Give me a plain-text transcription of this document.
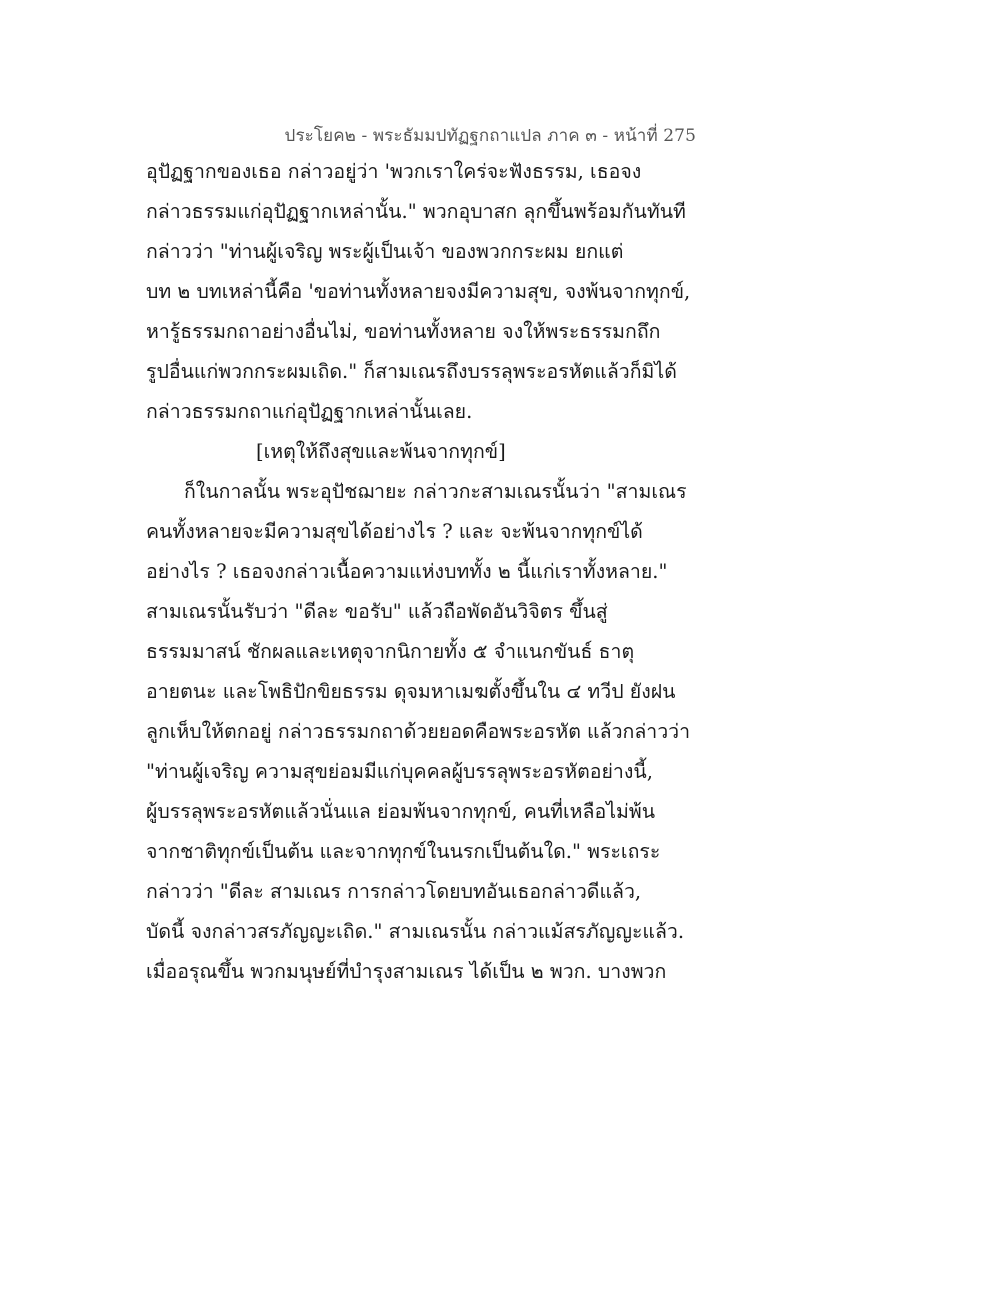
ประโยค๒ - พระธัมมปทัฏฐกถาแปล ภาค ๓ - หน้าที่ 275
อุปัฏฐากของเธอ กล่าวอยู่ว่า 'พวกเราใคร่จะฟังธรรม, เธอจง
กล่าวธรรมแก่อุปัฏฐากเหล่านั้น." พวกอุบาสก ลุกขึ้นพร้อมกันทันที
กล่าวว่า "ท่านผู้เจริญ พระผู้เป็นเจ้า ของพวกกระผม ยกแต่
บท ๒ บทเหล่านี้คือ 'ขอท่านทั้งหลายจงมีความสุข, จงพ้นจากทุกข์,
หารู้ธรรมกถาอย่างอื่นไม่, ขอท่านทั้งหลาย จงให้พระธรรมกถึก
รูปอื่นแก่พวกกระผมเถิด." ก็สามเณรถึงบรรลุพระอรหัตแล้วก็มิได้
กล่าวธรรมกถาแก่อุปัฏฐากเหล่านั้นเลย.
[เหตุให้ถึงสุขและพ้นจากทุกข์]
ก็ในกาลนั้น พระอุปัชฌายะ กล่าวกะสามเณรนั้นว่า "สามเณร
คนทั้งหลายจะมีความสุขได้อย่างไร ? และ จะพ้นจากทุกข์ได้
อย่างไร ? เธอจงกล่าวเนื้อความแห่งบททั้ง ๒ นี้แก่เราทั้งหลาย."
สามเณรนั้นรับว่า "ดีละ ขอรับ" แล้วถือพัดอันวิจิตร ขึ้นสู่
ธรรมมาสน์ ชักผลและเหตุจากนิกายทั้ง ๕ จำแนกขันธ์ ธาตุ
อายตนะ และโพธิปักขิยธรรม ดุจมหาเมฆตั้งขึ้นใน ๔ ทวีป ยังฝน
ลูกเห็บให้ตกอยู่ กล่าวธรรมกถาด้วยยอดคือพระอรหัต แล้วกล่าวว่า
"ท่านผู้เจริญ ความสุขย่อมมีแก่บุคคลผู้บรรลุพระอรหัตอย่างนี้,
ผู้บรรลุพระอรหัตแล้วนั่นแล ย่อมพ้นจากทุกข์, คนที่เหลือไม่พ้น
จากชาติทุกข์เป็นต้น และจากทุกข์ในนรกเป็นต้นใด." พระเถระ
กล่าวว่า "ดีละ สามเณร การกล่าวโดยบทอันเธอกล่าวดีแล้ว,
บัดนี้ จงกล่าวสรภัญญะเถิด." สามเณรนั้น กล่าวแม้สรภัญญะแล้ว.
เมื่ออรุณขึ้น พวกมนุษย์ที่บำรุงสามเณร ได้เป็น ๒ พวก. บางพวก
